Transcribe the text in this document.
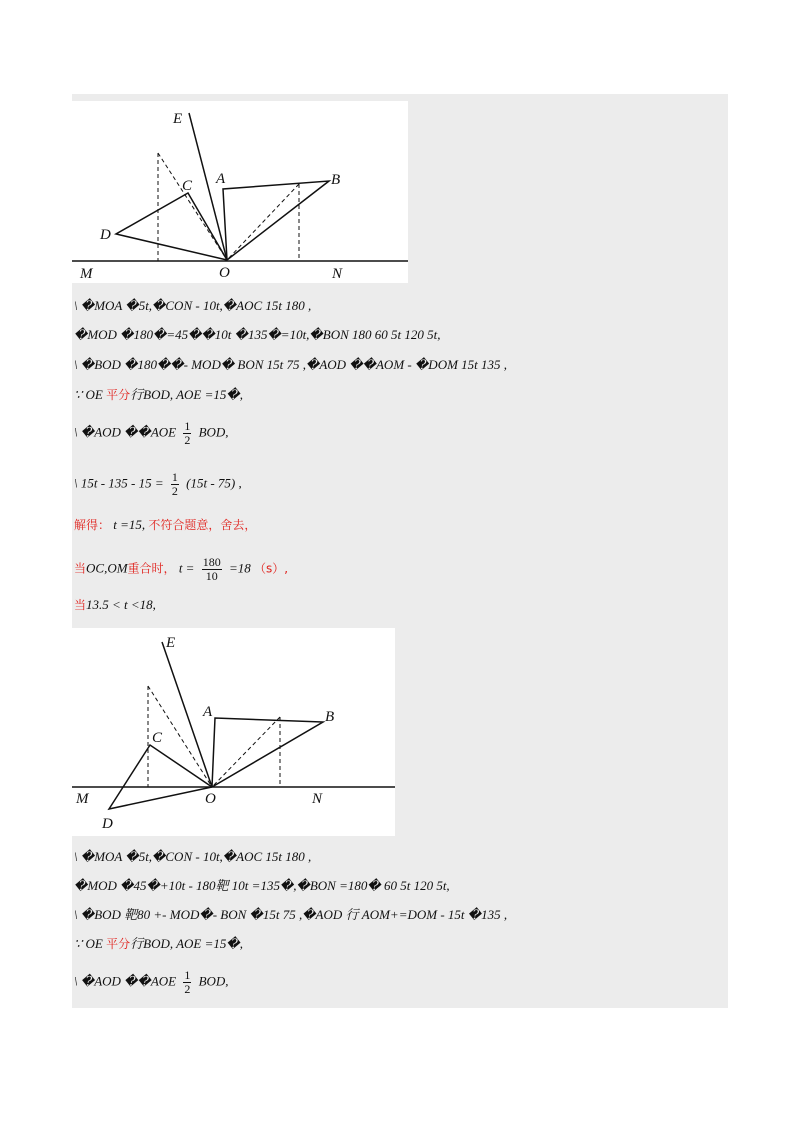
E
C A	B
D
M	O	N
\ �MOA �5t,�CON - 10t,�AOC 15t 180 ,
�MOD �180�=45��10t �135�=10t,�BON 180 60 5t 120 5t,
\ �BOD �180��- MOD� BON 15t 75 ,�AOD ��AOM - �DOM 15t 135 ,
∵ OE 平分行BOD, AOE =15�,
\ �AOD ��AOE $\frac{1}{2}$ BOD,
\ $15t - 135 - 15 = \frac{1}{2} (15t - 75)$ ,
解得： t =15, 不符合题意，舍去，
当OC,OM重合时， $t = \frac{180}{10} =18$ （s）,
当13.5 < t <18,
E
C
A	B
D
M	O	N
\ �MOA �5t,�CON - 10t,�AOC 15t 180 ,
�MOD �45�+10t - 180靶 10t =135�,�BON =180� 60 5t 120 5t,
\ �BOD 靶80 +- MOD�- BON �15t 75 ,�AOD 行 AOM+=DOM - 15t �135 ,
∵ OE 平分行BOD, AOE =15�,
\ �AOD ��AOE $\frac{1}{2}$ BOD,
